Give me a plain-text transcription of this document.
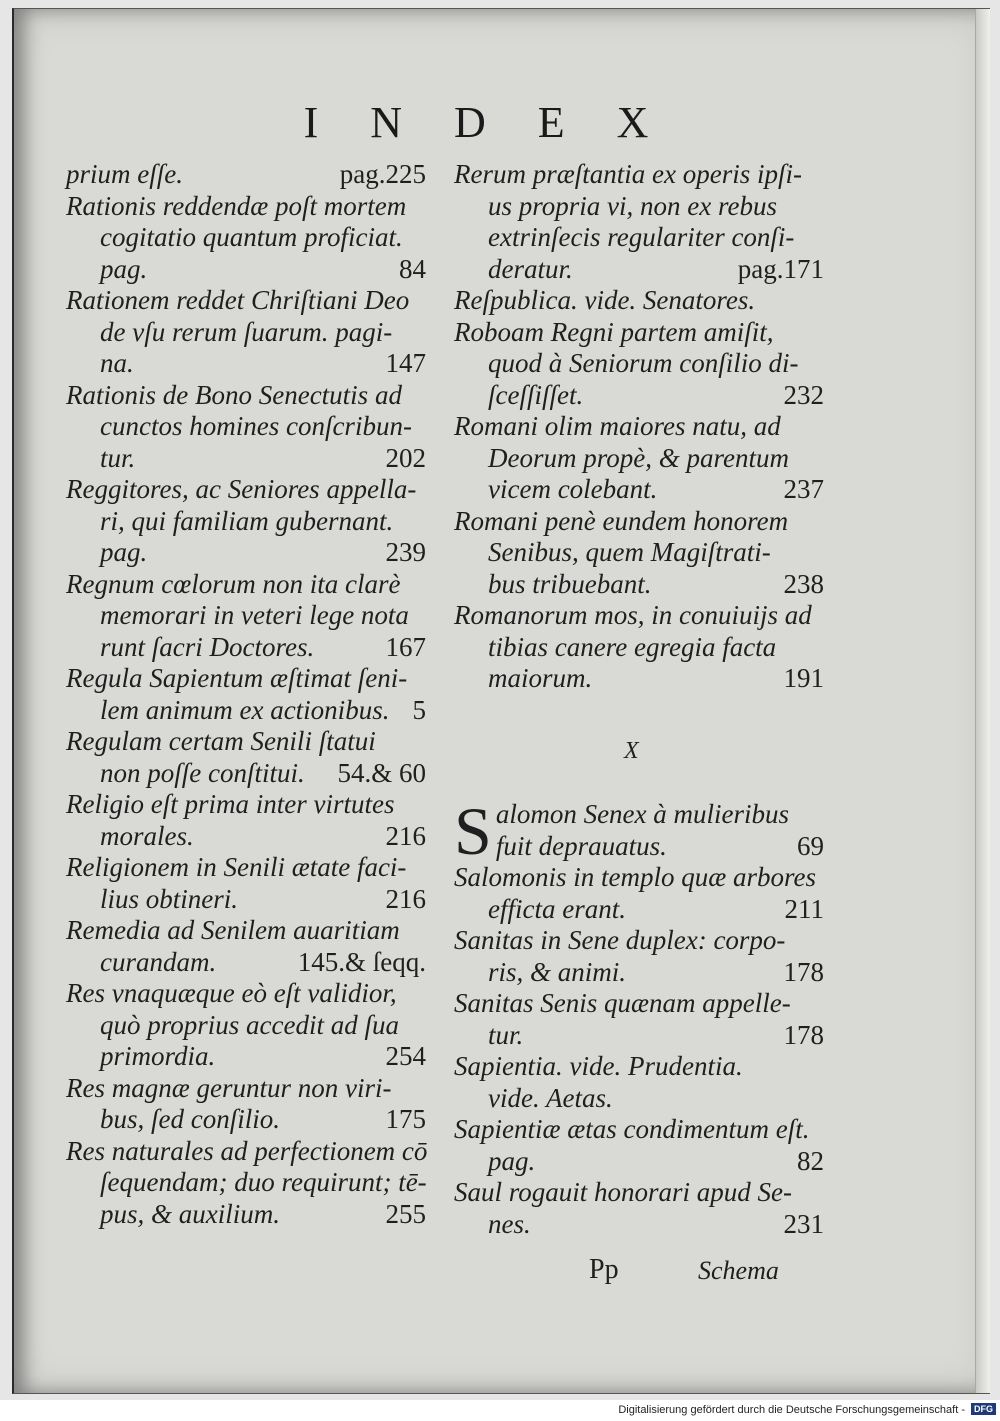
INDEX
pag.225
prium eſſe.
Rationis reddendæ poſt mortem
cogitatio quantum proficiat.
84
pag.
Rationem reddet Chriſtiani Deo
de vſu rerum ſuarum. pagi-
147
na.
Rationis de Bono Senectutis ad
cunctos homines conſcribun-
202
tur.
Reggitores, ac Seniores appella-
ri, qui familiam gubernant.
239
pag.
Regnum cœlorum non ita clarè
memorari in veteri lege nota
167
runt ſacri Doctores.
Regula Sapientum æſtimat ſeni-
5
lem animum ex actionibus.
Regulam certam Senili ſtatui
54.& 60
non poſſe conſtitui.
Religio eſt prima inter virtutes
216
morales.
Religionem in Senili ætate faci-
216
lius obtineri.
Remedia ad Senilem auaritiam
145.& ſeqq.
curandam.
Res vnaquæque eò eſt validior,
quò proprius accedit ad ſua
254
primordia.
Res magnæ geruntur non viri-
175
bus, ſed conſilio.
Res naturales ad perfectionem cō
ſequendam; duo requirunt; tē-
255
pus, & auxilium.
Rerum præſtantia ex operis ipſi-
us propria vi, non ex rebus
extrinſecis regulariter conſi-
pag.171
deratur.
Reſpublica. vide. Senatores.
Roboam Regni partem amiſit,
quod à Seniorum conſilio di-
232
ſceſſiſſet.
Romani olim maiores natu, ad
Deorum propè, & parentum
237
vicem colebant.
Romani penè eundem honorem
Senibus, quem Magiſtrati-
238
bus tribuebant.
Romanorum mos, in conuiuijs ad
tibias canere egregia facta
191
maiorum.
X
S alomon Senex à mulieribus
69
fuit deprauatus.
Salomonis in templo quæ arbores
211
efficta erant.
Sanitas in Sene duplex: corpo-
178
ris, & animi.
Sanitas Senis quænam appelle-
178
tur.
Sapientia. vide. Prudentia.
vide. Aetas.
Sapientiæ ætas condimentum eſt.
82
pag.
Saul rogauit honorari apud Se-
231
nes.
Pp	Schema
Digitalisierung gefördert durch die Deutsche Forschungsgemeinschaft - DFG
